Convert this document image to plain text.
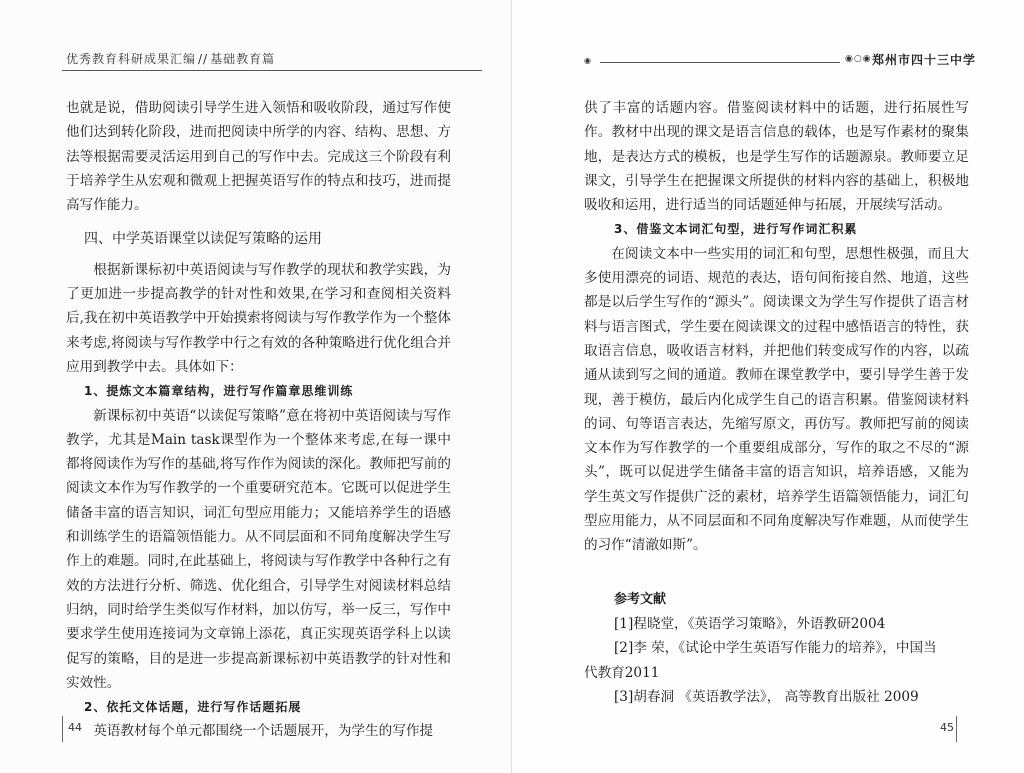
优秀教育科研成果汇编 // 基础教育篇

也就是说，借助阅读引导学生进入领悟和吸收阶段，通过写作使他们达到转化阶段，进而把阅读中所学的内容、结构、思想、方法等根据需要灵活运用到自己的写作中去。完成这三个阶段有利于培养学生从宏观和微观上把握英语写作的特点和技巧，进而提高写作能力。

四、中学英语课堂以读促写策略的运用

根据新课标初中英语阅读与写作教学的现状和教学实践，为了更加进一步提高教学的针对性和效果,在学习和查阅相关资料后,我在初中英语教学中开始摸索将阅读与写作教学作为一个整体来考虑,将阅读与写作教学中行之有效的各种策略进行优化组合并应用到教学中去。具体如下：

1、提炼文本篇章结构，进行写作篇章思维训练

新课标初中英语“以读促写策略”意在将初中英语阅读与写作教学，尤其是Main task课型作为一个整体来考虑,在每一课中都将阅读作为写作的基础,将写作作为阅读的深化。教师把写前的阅读文本作为写作教学的一个重要研究范本。它既可以促进学生储备丰富的语言知识，词汇句型应用能力；又能培养学生的语感和训练学生的语篇领悟能力。从不同层面和不同角度解决学生写作上的难题。同时,在此基础上，将阅读与写作教学中各种行之有效的方法进行分析、筛选、优化组合，引导学生对阅读材料总结归纳，同时给学生类似写作材料，加以仿写，举一反三，写作中要求学生使用连接词为文章锦上添花，真正实现英语学科上以读促写的策略，目的是进一步提高新课标初中英语教学的针对性和实效性。

2、依托文体话题，进行写作话题拓展

英语教材每个单元都围绕一个话题展开，为学生的写作提

44
◉	◉○◉ 郑州市四十三中学

供了丰富的话题内容。借鉴阅读材料中的话题，进行拓展性写作。教材中出现的课文是语言信息的载体，也是写作素材的聚集地，是表达方式的模板，也是学生写作的话题源泉。教师要立足课文，引导学生在把握课文所提供的材料内容的基础上，积极地吸收和运用，进行适当的同话题延伸与拓展，开展续写活动。

3、借鉴文本词汇句型，进行写作词汇积累

在阅读文本中一些实用的词汇和句型，思想性极强，而且大多使用漂亮的词语、规范的表达，语句间衔接自然、地道，这些都是以后学生写作的“源头”。阅读课文为学生写作提供了语言材料与语言图式，学生要在阅读课文的过程中感悟语言的特性，获取语言信息，吸收语言材料，并把他们转变成写作的内容，以疏通从读到写之间的通道。教师在课堂教学中，要引导学生善于发现，善于模仿，最后内化成学生自己的语言积累。借鉴阅读材料的词、句等语言表达，先缩写原文，再仿写。教师把写前的阅读文本作为写作教学的一个重要组成部分，写作的取之不尽的“源头”，既可以促进学生储备丰富的语言知识，培养语感，又能为学生英文写作提供广泛的素材，培养学生语篇领悟能力，词汇句型应用能力，从不同层面和不同角度解决写作难题，从而使学生的习作“清澈如斯”。

参考文献

[1]程晓堂，《英语学习策略》，外语教研2004

[2]李 荣，《试论中学生英语写作能力的培养》，中国当

代教育2011

[3]胡春洞 《英语教学法》， 高等教育出版社 2009

45
